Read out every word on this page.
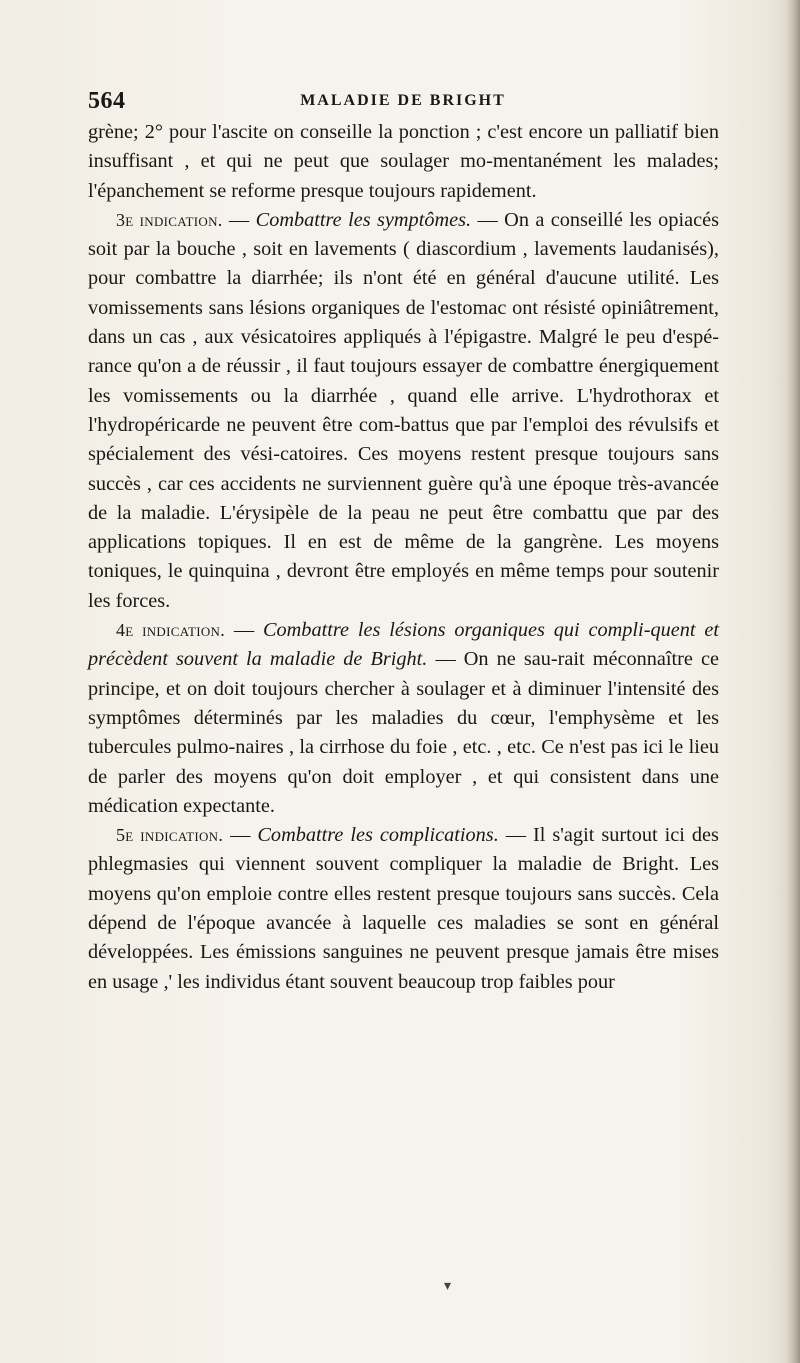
564	MALADIE DE BRIGHT

grène; 2° pour l'ascite on conseille la ponction ; c'est encore un palliatif bien insuffisant , et qui ne peut que soulager mo-mentanément les malades; l'épanchement se reforme presque toujours rapidement.

3e indication. — Combattre les symptômes. — On a conseillé les opiacés soit par la bouche , soit en lavements ( diascordium , lavements laudanisés), pour combattre la diarrhée; ils n'ont été en général d'aucune utilité. Les vomissements sans lésions organiques de l'estomac ont résisté opiniâtrement, dans un cas , aux vésicatoires appliqués à l'épigastre. Malgré le peu d'espé-rance qu'on a de réussir , il faut toujours essayer de combattre énergiquement les vomissements ou la diarrhée , quand elle arrive. L'hydrothorax et l'hydropéricarde ne peuvent être com-battus que par l'emploi des révulsifs et spécialement des vési-catoires. Ces moyens restent presque toujours sans succès , car ces accidents ne surviennent guère qu'à une époque très-avancée de la maladie. L'érysipèle de la peau ne peut être combattu que par des applications topiques. Il en est de même de la gangrène. Les moyens toniques, le quinquina , devront être employés en même temps pour soutenir les forces.

4e indication. — Combattre les lésions organiques qui compli-quent et précèdent souvent la maladie de Bright. — On ne sau-rait méconnaître ce principe, et on doit toujours chercher à soulager et à diminuer l'intensité des symptômes déterminés par les maladies du cœur, l'emphysème et les tubercules pulmo-naires , la cirrhose du foie , etc. , etc. Ce n'est pas ici le lieu de parler des moyens qu'on doit employer , et qui consistent dans une médication expectante.

5e indication. — Combattre les complications. — Il s'agit surtout ici des phlegmasies qui viennent souvent compliquer la maladie de Bright. Les moyens qu'on emploie contre elles restent presque toujours sans succès. Cela dépend de l'époque avancée à laquelle ces maladies se sont en général développées. Les émissions sanguines ne peuvent presque jamais être mises en usage ,' les individus étant souvent beaucoup trop faibles pour

▾
